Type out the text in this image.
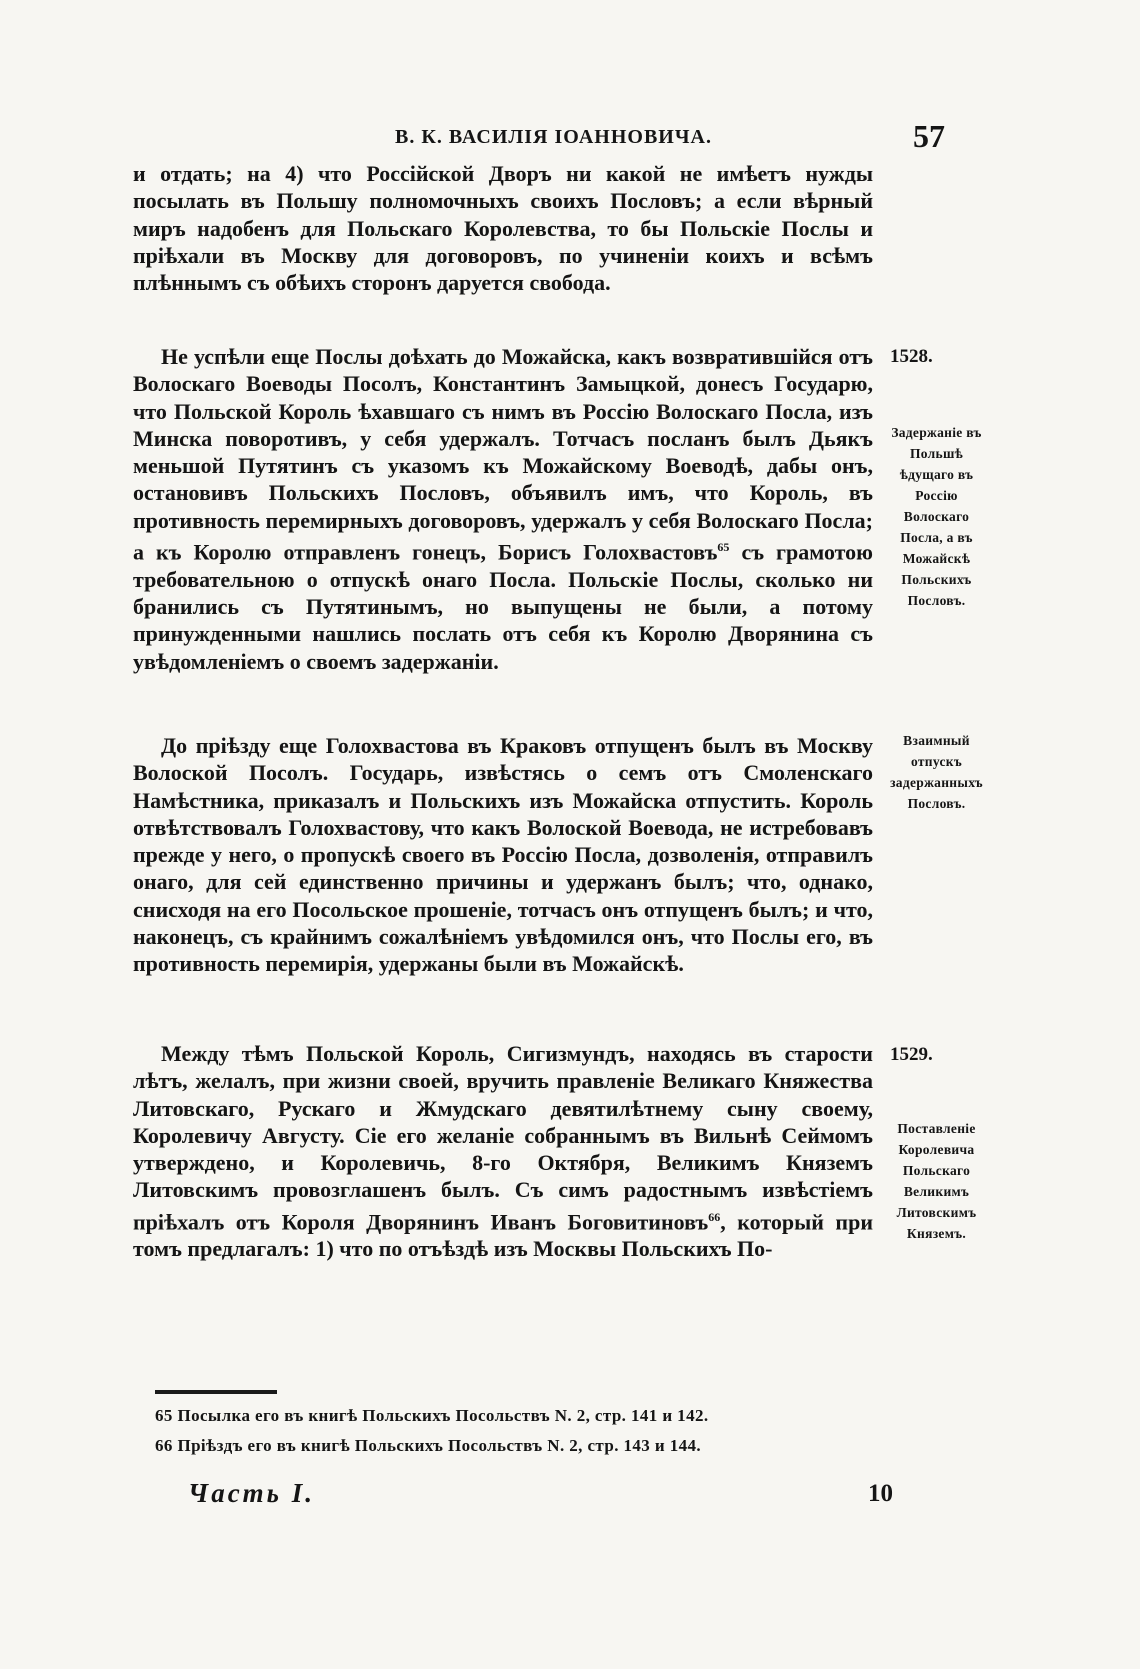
В. К. ВАСИЛІЯ ІОАННОВИЧА.	57

и отдать; на 4) что Россійской Дворъ ни какой не имѣетъ нужды посылать въ Польшу полномочныхъ своихъ Пословъ; а если вѣрный миръ надобенъ для Польскаго Королевства, то бы Польскіе Послы и пріѣхали въ Москву для договоровъ, по учиненіи коихъ и всѣмъ плѣннымъ съ обѣихъ сторонъ даруется свобода.

Не успѣли еще Послы доѣхать до Можайска, какъ возвратившійся отъ Волоскаго Воеводы Посолъ, Константинъ Замыцкой, донесъ Государю, что Польской Король ѣхавшаго съ нимъ въ Россію Волоскаго Посла, изъ Минска поворотивъ, у себя удержалъ. Тотчасъ посланъ былъ Дьякъ меньшой Путятинъ съ указомъ къ Можайскому Воеводѣ, дабы онъ, остановивъ Польскихъ Пословъ, объявилъ имъ, что Король, въ противность перемирныхъ договоровъ, удержалъ у себя Волоскаго Посла; а къ Королю отправленъ гонецъ, Борисъ Голохвастовъ$^{65}$ съ грамотою требовательною о отпускѣ онаго Посла. Польскіе Послы, сколько ни бранились съ Путятинымъ, но выпущены не были, а потому принужденными нашлись послать отъ себя къ Королю Дворянина съ увѣдомленіемъ о своемъ задержаніи.

До пріѣзду еще Голохвастова въ Краковъ отпущенъ былъ въ Москву Волоской Посолъ. Государь, извѣстясь о семъ отъ Смоленскаго Намѣстника, приказалъ и Польскихъ изъ Можайска отпустить. Король отвѣтствовалъ Голохвастову, что какъ Волоской Воевода, не истребовавъ прежде у него, о пропускѣ своего въ Россію Посла, дозволенія, отправилъ онаго, для сей единственно причины и удержанъ былъ; что, однако, снисходя на его Посольское прошеніе, тотчасъ онъ отпущенъ былъ; и что, наконецъ, съ крайнимъ сожалѣніемъ увѣдомился онъ, что Послы его, въ противность перемирія, удержаны были въ Можайскѣ.

Между тѣмъ Польской Король, Сигизмундъ, находясь въ старости лѣтъ, желалъ, при жизни своей, вручить правленіе Великаго Княжества Литовскаго, Рускаго и Жмудскаго девятилѣтнему сыну своему, Королевичу Августу. Сіе его желаніе собраннымъ въ Вильнѣ Сеймомъ утверждено, и Королевичь, 8-го Октября, Великимъ Княземъ Литовскимъ провозглашенъ былъ. Съ симъ радостнымъ извѣстіемъ пріѣхалъ отъ Короля Дворянинъ Иванъ Боговитиновъ$^{66}$, который при томъ предлагалъ: 1) что по отъѣздѣ изъ Москвы Польскихъ По-

1528.
Задержаніе въ Польшѣ ѣдущаго въ Россію Волоскаго Посла, а въ Можайскѣ Польскихъ Пословъ.
Взаимный отпускъ задержанныхъ Пословъ.
1529.
Поставленіе Королевича Польскаго Великимъ Литовскимъ Княземъ.
65 Посылка его въ книгѣ Польскихъ Посольствъ N. 2, стр. 141 и 142.
66 Пріѣздъ его въ книгѣ Польскихъ Посольствъ N. 2, стр. 143 и 144.
Часть I.	10
